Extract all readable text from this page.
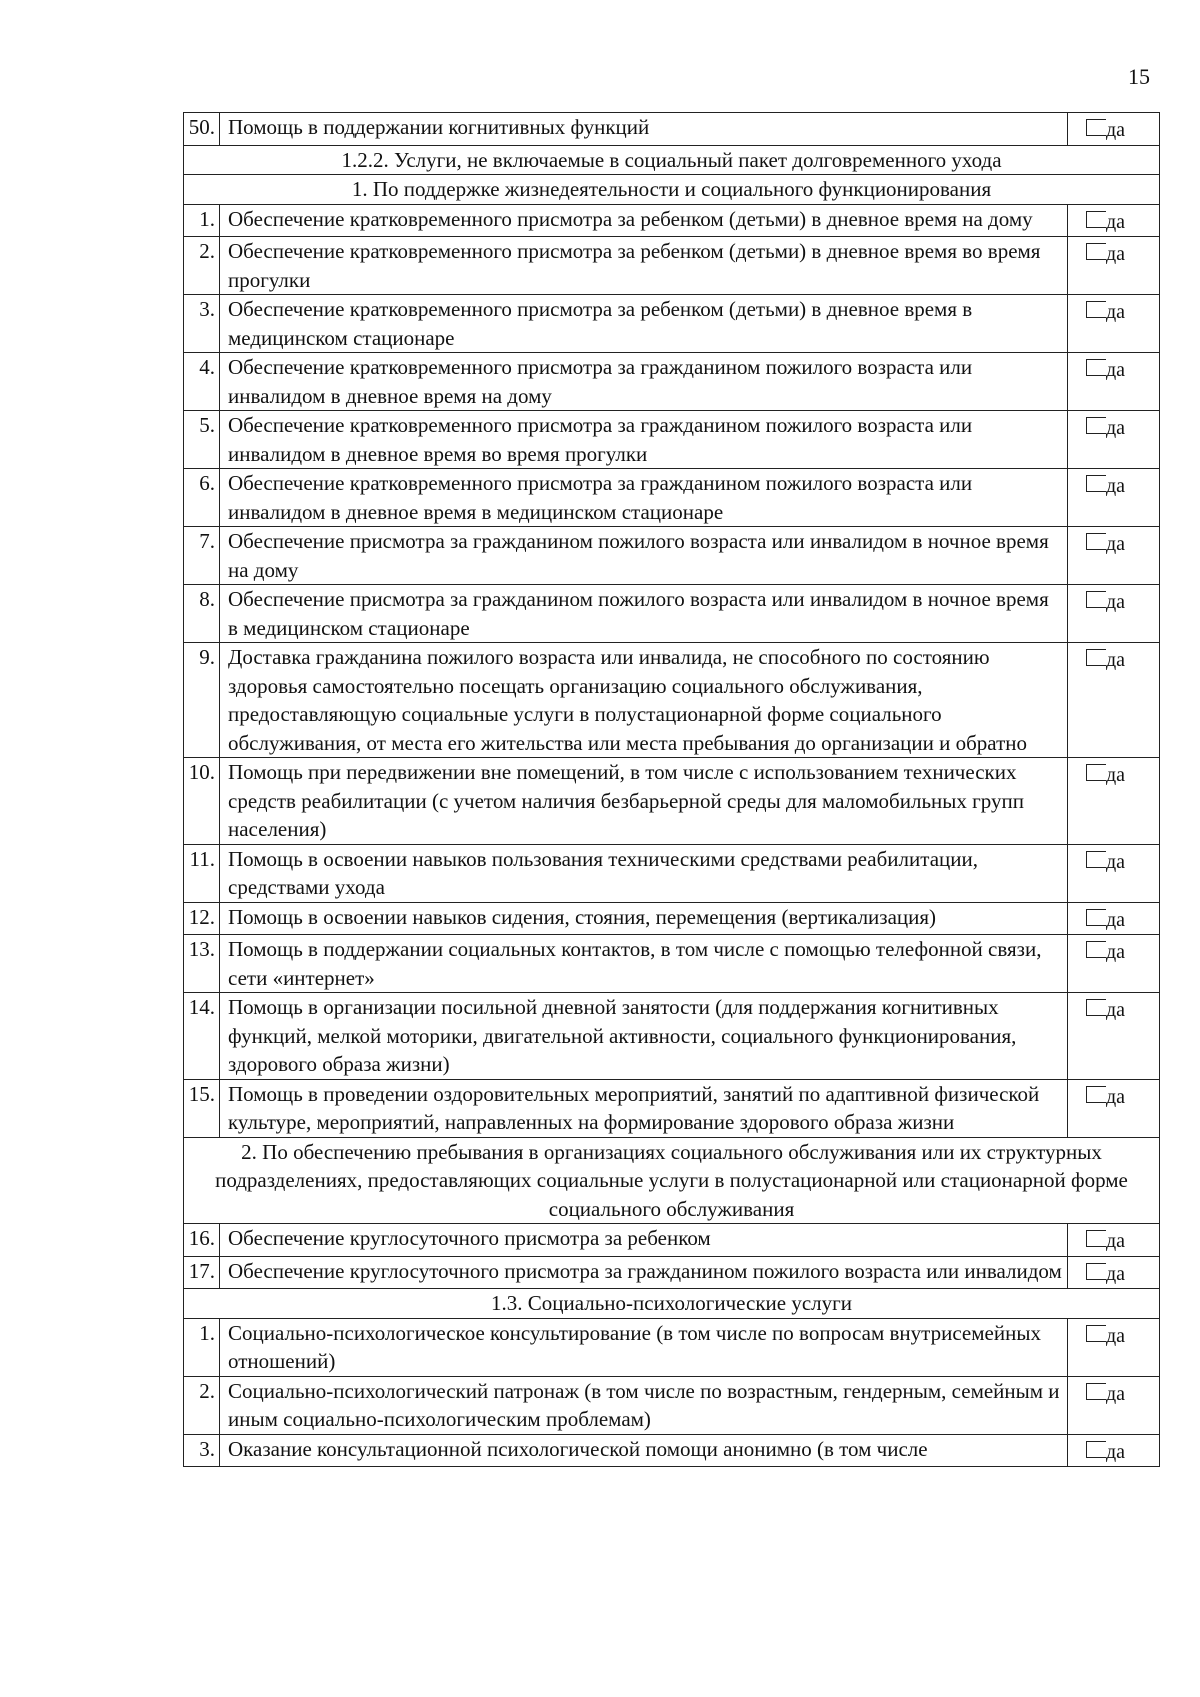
15
50.	Помощь в поддержании когнитивных функций	да
1.2.2. Услуги, не включаемые в социальный пакет долговременного ухода		
1. По поддержке жизнедеятельности и социального функционирования		
1.	Обеспечение кратковременного присмотра за ребенком (детьми) в дневное время на дому	да
2.	Обеспечение кратковременного присмотра за ребенком (детьми) в дневное время во время прогулки	да
3.	Обеспечение кратковременного присмотра за ребенком (детьми) в дневное время в медицинском стационаре	да
4.	Обеспечение кратковременного присмотра за гражданином пожилого возраста или инвалидом в дневное время на дому	да
5.	Обеспечение кратковременного присмотра за гражданином пожилого возраста или инвалидом в дневное время во время прогулки	да
6.	Обеспечение кратковременного присмотра за гражданином пожилого возраста или инвалидом в дневное время в медицинском стационаре	да
7.	Обеспечение присмотра за гражданином пожилого возраста или инвалидом в ночное время на дому	да
8.	Обеспечение присмотра за гражданином пожилого возраста или инвалидом в ночное время в медицинском стационаре	да
9.	Доставка гражданина пожилого возраста или инвалида, не способного по состоянию здоровья самостоятельно посещать организацию социального обслуживания, предоставляющую социальные услуги в полустационарной форме социального обслуживания, от места его жительства или места пребывания до организации и обратно	да
10.	Помощь при передвижении вне помещений, в том числе с использованием технических средств реабилитации (с учетом наличия безбарьерной среды для маломобильных групп населения)	да
11.	Помощь в освоении навыков пользования техническими средствами реабилитации, средствами ухода	да
12.	Помощь в освоении навыков сидения, стояния, перемещения (вертикализация)	да
13.	Помощь в поддержании социальных контактов, в том числе с помощью телефонной связи, сети «интернет»	да
14.	Помощь в организации посильной дневной занятости (для поддержания когнитивных функций, мелкой моторики, двигательной активности, социального функционирования, здорового образа жизни)	да
15.	Помощь в проведении оздоровительных мероприятий, занятий по адаптивной физической культуре, мероприятий, направленных на формирование здорового образа жизни	да
2. По обеспечению пребывания в организациях социального обслуживания или их структурных подразделениях, предоставляющих социальные услуги в полустационарной или стационарной форме социального обслуживания		
16.	Обеспечение круглосуточного присмотра за ребенком	да
17.	Обеспечение круглосуточного присмотра за гражданином пожилого возраста или инвалидом	да
1.3. Социально-психологические услуги		
1.	Социально-психологическое консультирование (в том числе по вопросам внутрисемейных отношений)	да
2.	Социально-психологический патронаж (в том числе по возрастным, гендерным, семейным и иным социально-психологическим проблемам)	да
3.	Оказание консультационной психологической помощи анонимно (в том числе	да
